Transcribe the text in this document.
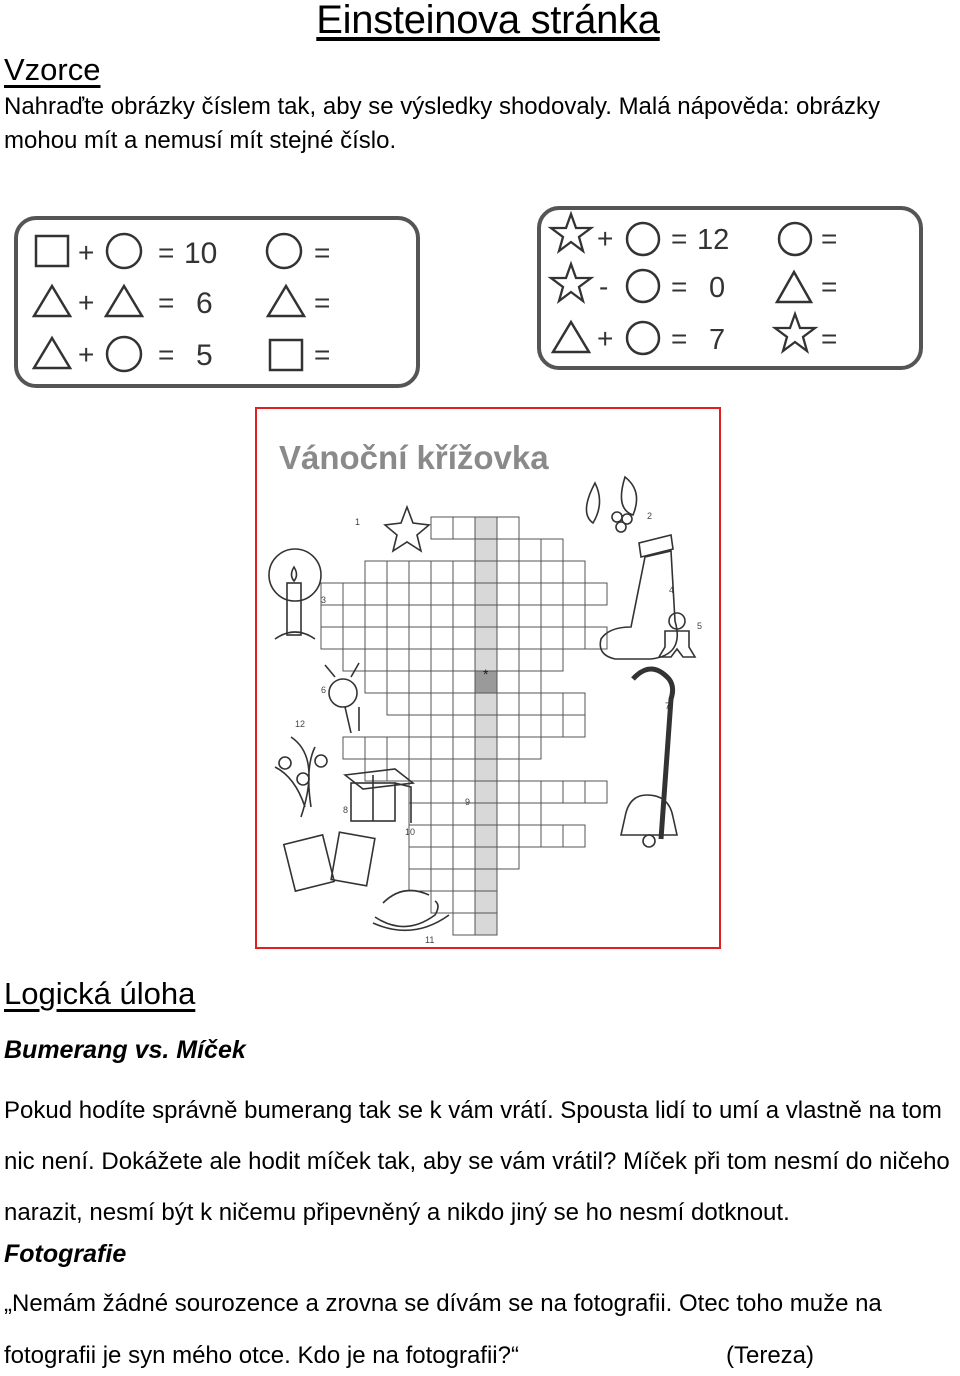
Einsteinova stránka
Vzorce

Nahraďte obrázky číslem tak, aby se výsledky shodovaly. Malá nápověda: obrázky mohou mít a nemusí mít stejné číslo.

+ = 10	=
+ = 6	=
+ = 5	=
+ = 12	=
- = 0	=
+ = 7	=
Vánoční křížovka
1
2
3
4
5
6
7
8
9
10
11
12
*
Logická úloha
Bumerang vs. Míček

Pokud hodíte správně bumerang tak se k vám vrátí. Spousta lidí to umí a vlastně na tom nic není. Dokážete ale hodit míček tak, aby se vám vrátil? Míček při tom nesmí do ničeho narazit, nesmí být k ničemu připevněný a nikdo jiný se ho nesmí dotknout.

Fotografie
„Nemám žádné sourozence a zrovna se dívám se na fotografii. Otec toho muže na
fotografii je syn mého otce. Kdo je na fotografii?“	(Tereza)
